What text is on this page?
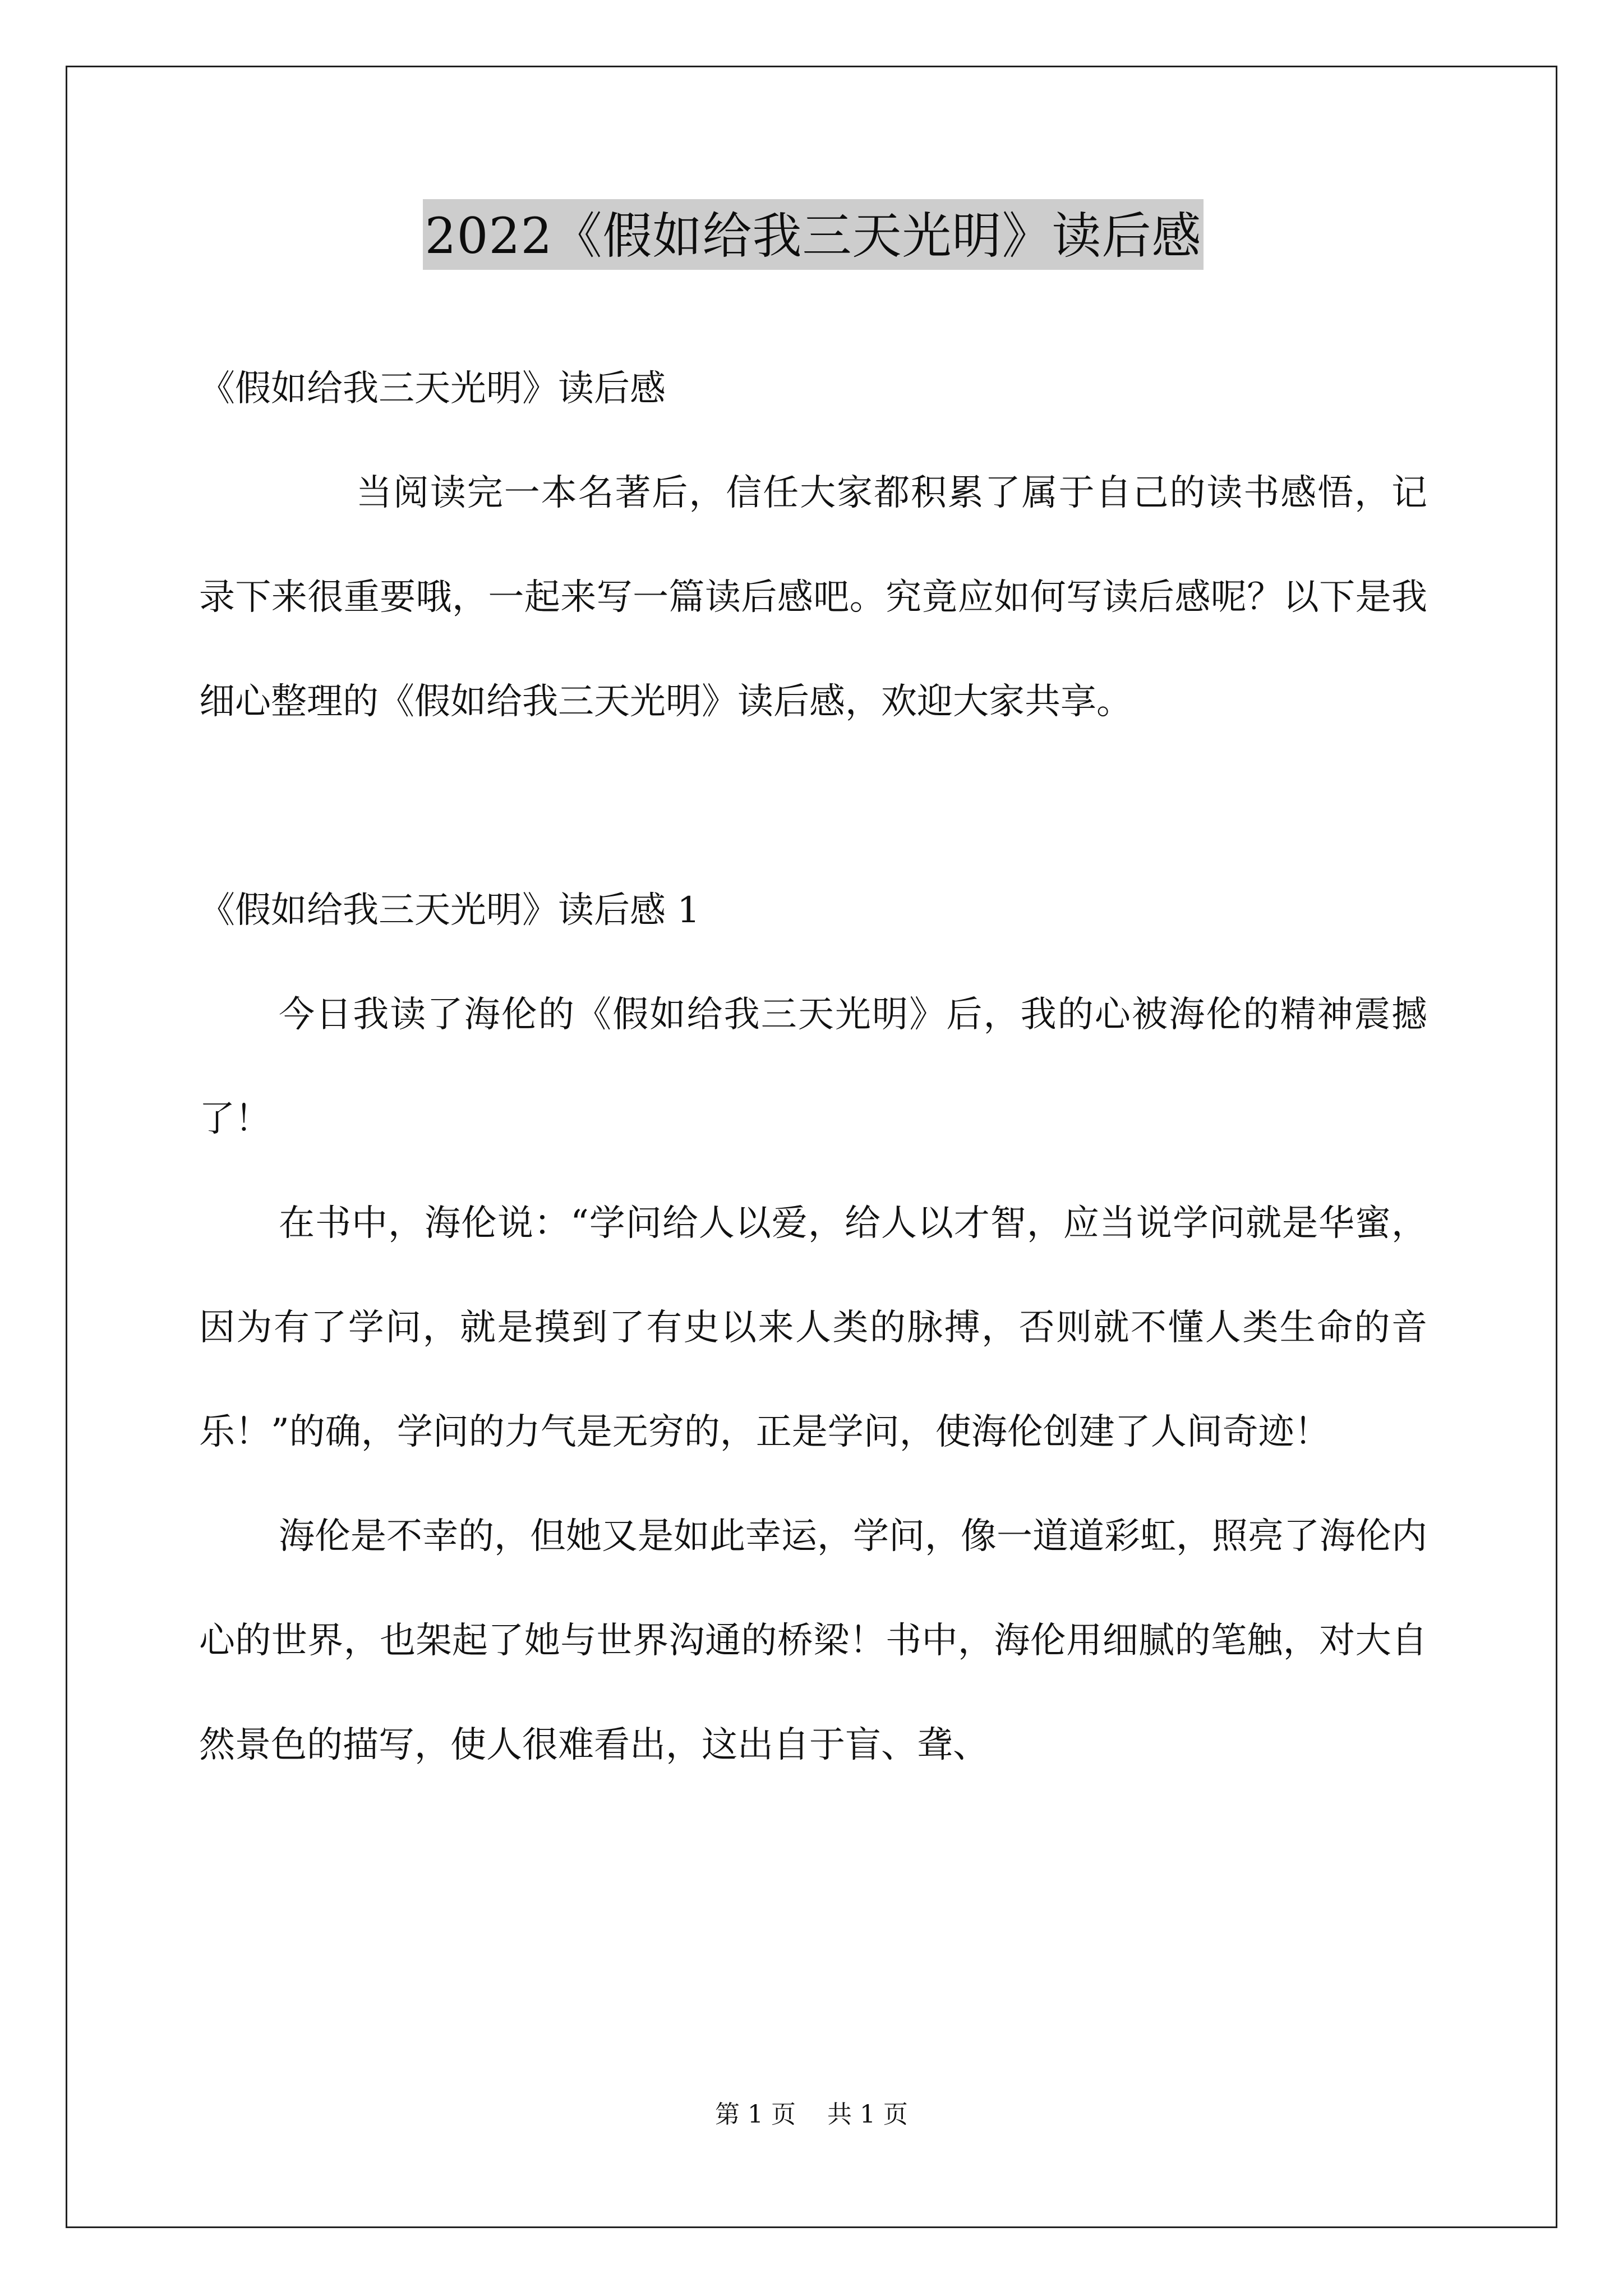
2022《假如给我三天光明》读后感
《假如给我三天光明》读后感

当阅读完一本名著后，信任大家都积累了属于自己的读书感悟，记录下来很重要哦，一起来写一篇读后感吧。究竟应如何写读后感呢？以下是我细心整理的《假如给我三天光明》读后感，欢迎大家共享。

《假如给我三天光明》读后感 1

今日我读了海伦的《假如给我三天光明》后，我的心被海伦的精神震撼了！

在书中，海伦说：“学问给人以爱，给人以才智，应当说学问就是华蜜，因为有了学问，就是摸到了有史以来人类的脉搏，否则就不懂人类生命的音乐！”的确，学问的力气是无穷的，正是学问，使海伦创建了人间奇迹！

海伦是不幸的，但她又是如此幸运，学问，像一道道彩虹，照亮了海伦内心的世界，也架起了她与世界沟通的桥梁！书中，海伦用细腻的笔触，对大自然景色的描写，使人很难看出，这出自于盲、聋、

第 1 页    共 1 页
